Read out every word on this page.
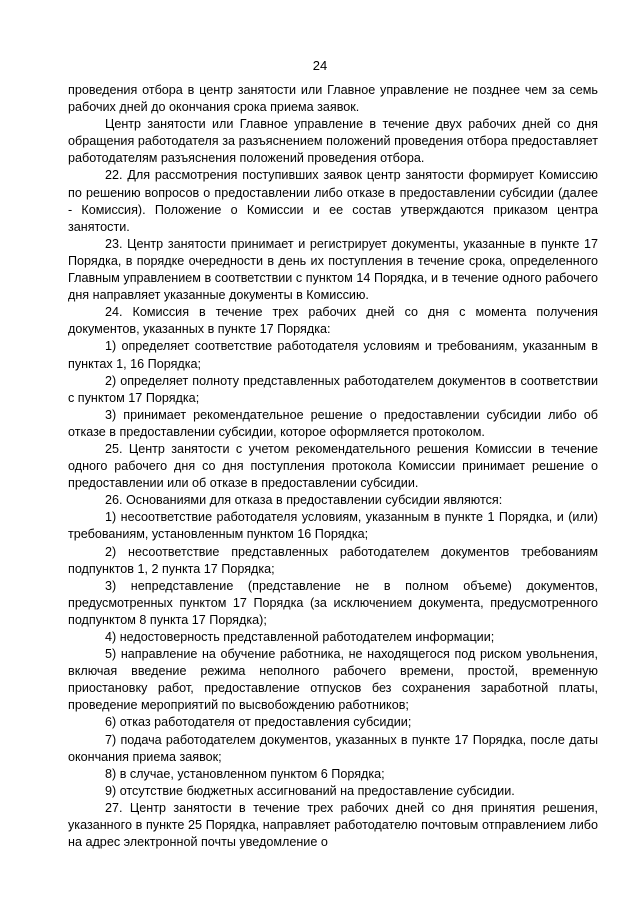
24

проведения отбора в центр занятости или Главное управление не позднее чем за семь рабочих дней до окончания срока приема заявок.

Центр занятости или Главное управление в течение двух рабочих дней со дня обращения работодателя за разъяснением положений проведения отбора предоставляет работодателям разъяснения положений проведения отбора.

22. Для рассмотрения поступивших заявок центр занятости формирует Комиссию по решению вопросов о предоставлении либо отказе в предоставлении субсидии (далее - Комиссия). Положение о Комиссии и ее состав утверждаются приказом центра занятости.

23. Центр занятости принимает и регистрирует документы, указанные в пункте 17 Порядка, в порядке очередности в день их поступления в течение срока, определенного Главным управлением в соответствии с пунктом 14 Порядка, и в течение одного рабочего дня направляет указанные документы в Комиссию.

24. Комиссия в течение трех рабочих дней со дня с момента получения документов, указанных в пункте 17 Порядка:

1) определяет соответствие работодателя условиям и требованиям, указанным в пунктах 1, 16 Порядка;

2) определяет полноту представленных работодателем документов в соответствии с пунктом 17 Порядка;

3) принимает рекомендательное решение о предоставлении субсидии либо об отказе в предоставлении субсидии, которое оформляется протоколом.

25. Центр занятости с учетом рекомендательного решения Комиссии в течение одного рабочего дня со дня поступления протокола Комиссии принимает решение о предоставлении или об отказе в предоставлении субсидии.

26. Основаниями для отказа в предоставлении субсидии являются:

1) несоответствие работодателя условиям, указанным в пункте 1 Порядка, и (или) требованиям, установленным пунктом 16 Порядка;

2) несоответствие представленных работодателем документов требованиям подпунктов 1, 2 пункта 17 Порядка;

3) непредставление (представление не в полном объеме) документов, предусмотренных пунктом 17 Порядка (за исключением документа, предусмотренного подпунктом 8 пункта 17 Порядка);

4) недостоверность представленной работодателем информации;

5) направление на обучение работника, не находящегося под риском увольнения, включая введение режима неполного рабочего времени, простой, временную приостановку работ, предоставление отпусков без сохранения заработной платы, проведение мероприятий по высвобождению работников;

6) отказ работодателя от предоставления субсидии;

7) подача работодателем документов, указанных в пункте 17 Порядка, после даты окончания приема заявок;

8) в случае, установленном пунктом 6 Порядка;

9) отсутствие бюджетных ассигнований на предоставление субсидии.

27. Центр занятости в течение трех рабочих дней со дня принятия решения, указанного в пункте 25 Порядка, направляет работодателю почтовым отправлением либо на адрес электронной почты уведомление о
